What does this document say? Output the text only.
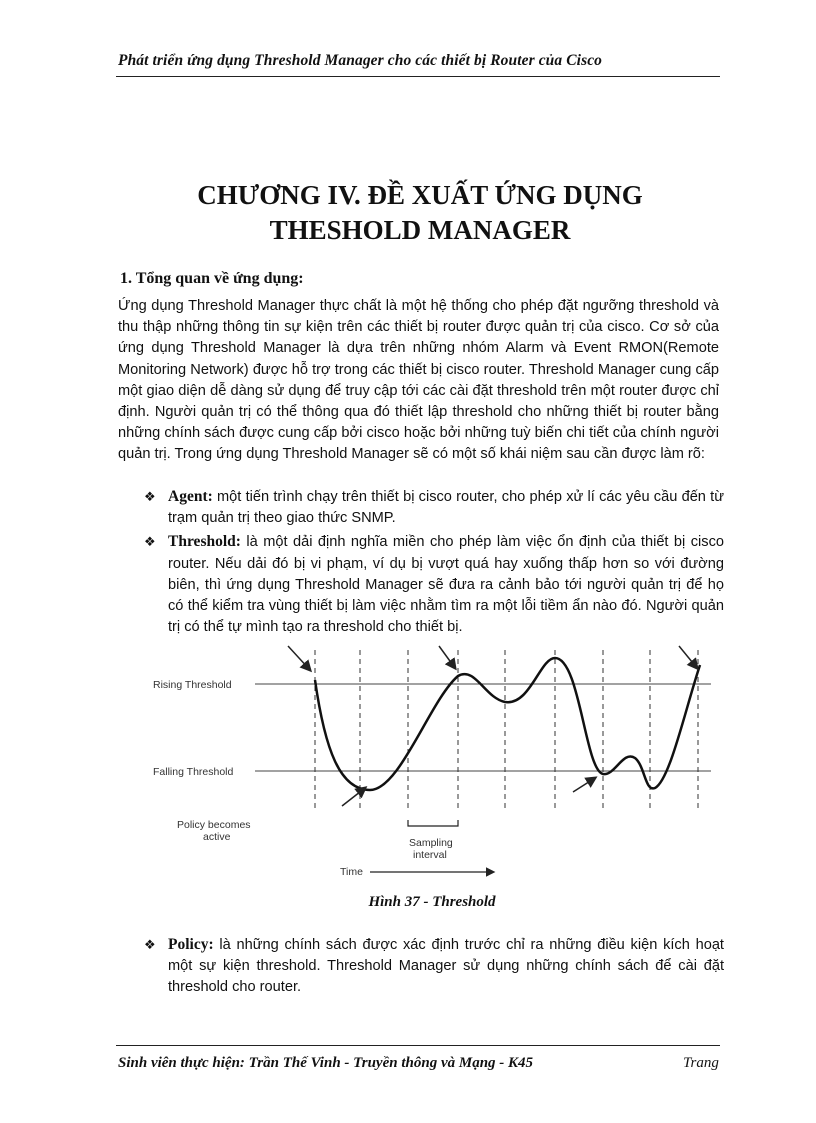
Phát triển ứng dụng Threshold Manager cho các thiết bị Router của Cisco
CHƯƠNG IV. ĐỀ XUẤT ỨNG DỤNG
THESHOLD MANAGER
1. Tổng quan về ứng dụng:
Ứng dụng Threshold Manager thực chất là một hệ thống cho phép đặt ngưỡng threshold và thu thập những thông tin sự kiện trên các thiết bị router được quản trị của cisco. Cơ sở của ứng dụng Threshold Manager là dựa trên những nhóm Alarm và Event RMON(Remote Monitoring Network) được hỗ trợ trong các thiết bị cisco router. Threshold Manager cung cấp một giao diện dễ dàng sử dụng để truy cập tới các cài đặt threshold trên một router được chỉ định. Người quản trị có thể thông qua đó thiết lập threshold cho những thiết bị router bằng những chính sách được cung cấp bởi cisco hoặc bởi những tuỳ biến chi tiết của chính người quản trị. Trong ứng dụng Threshold Manager sẽ có một số khái niệm sau cần được làm rõ:
❖ Agent: một tiến trình chạy trên thiết bị cisco router, cho phép xử lí các yêu cầu đến từ trạm quản trị theo giao thức SNMP.
❖ Threshold: là một dải định nghĩa miền cho phép làm việc ổn định của thiết bị cisco router. Nếu dải đó bị vi phạm, ví dụ bị vượt quá hay xuống thấp hơn so với đường biên, thì ứng dụng Threshold Manager sẽ đưa ra cảnh bảo tới người quản trị để họ có thể kiểm tra vùng thiết bị làm việc nhằm tìm ra một lỗi tiềm ẩn nào đó. Người quản trị có thể tự mình tạo ra threshold cho thiết bị.
Rising Threshold
Falling Threshold
Policy becomes
active	Sampling
interval
Time
Hình 37 - Threshold
❖ Policy: là những chính sách được xác định trước chỉ ra những điều kiện kích hoạt một sự kiện threshold. Threshold Manager sử dụng những chính sách để cài đặt threshold cho router.
Sinh viên thực hiện: Trần Thế Vinh - Truyền thông và Mạng - K45	Trang
